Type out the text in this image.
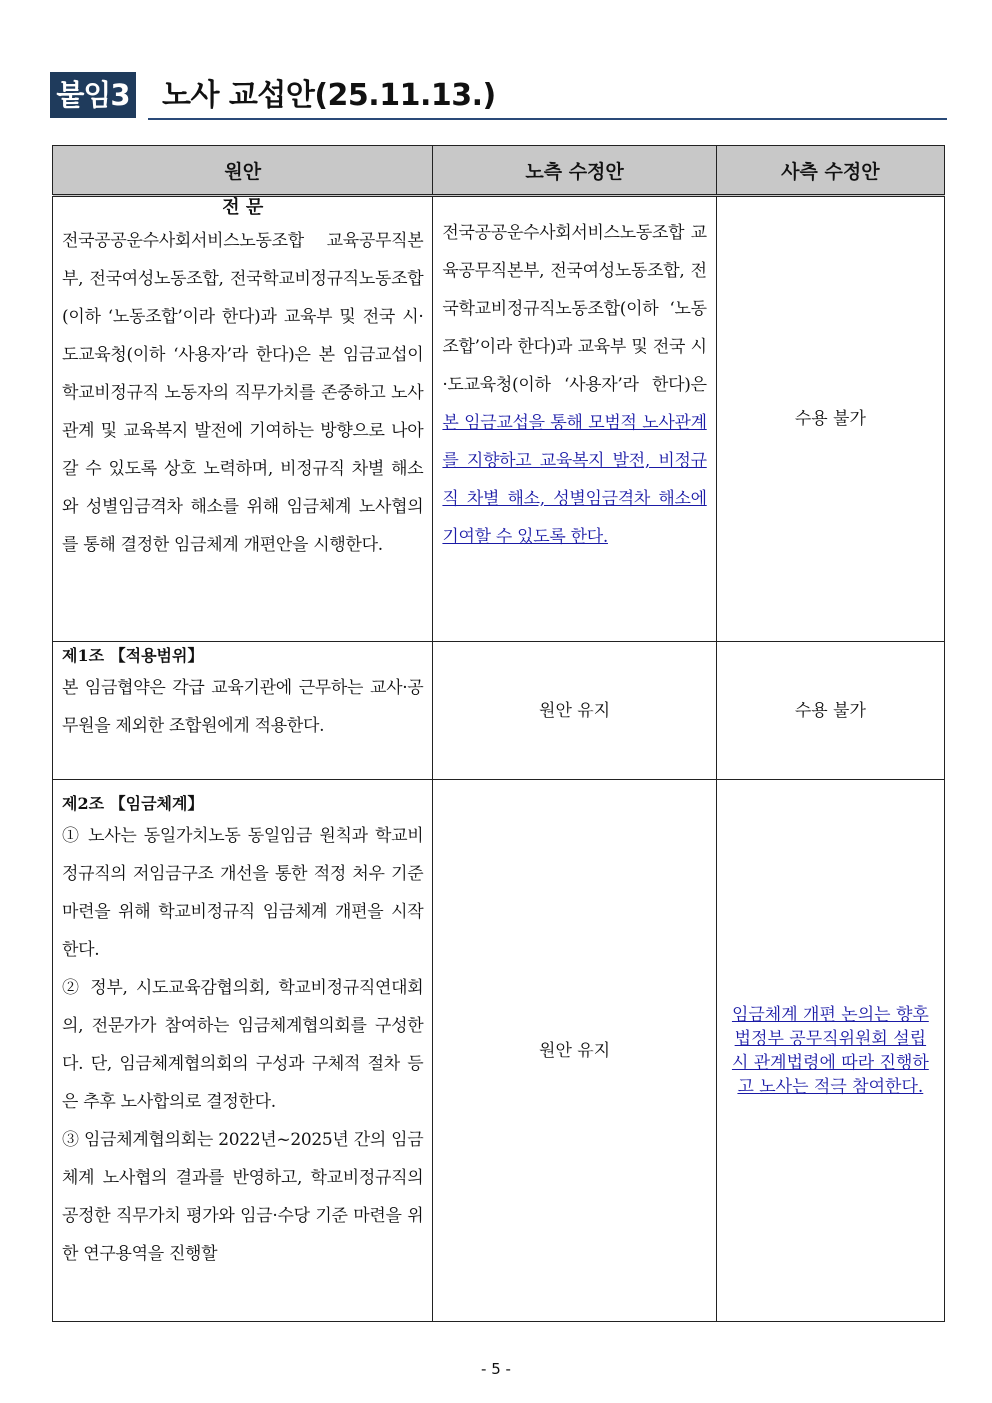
붙임3 노사 교섭안(25.11.13.)
원안	노측 수정안	사측 수정안

전 문
전국공공운수사회서비스노동조합 교육공무직본부, 전국여성노동조합, 전국학교비정규직노동조합(이하 ‘노동조합’이라 한다)과 교육부 및 전국 시·도교육청(이하 ‘사용자’라 한다)은 본 임금교섭이 학교비정규직 노동자의 직무가치를 존중하고 노사관계 및 교육복지 발전에 기여하는 방향으로 나아갈 수 있도록 상호 노력하며, 비정규직 차별 해소와 성별임금격차 해소를 위해 임금체계 노사협의를 통해 결정한 임금체계 개편안을 시행한다.	전국공공운수사회서비스노동조합 교육공무직본부, 전국여성노동조합, 전국학교비정규직노동조합(이하 ‘노동조합’이라 한다)과 교육부 및 전국 시·도교육청(이하 ‘사용자’라 한다)은 본 임금교섭을 통해 모범적 노사관계를 지향하고 교육복지 발전, 비정규직 차별 해소, 성별임금격차 해소에 기여할 수 있도록 한다.	수용 불가

제1조 【적용범위】
본 임금협약은 각급 교육기관에 근무하는 교사·공무원을 제외한 조합원에게 적용한다.	원안 유지	수용 불가

제2조 【임금체계】

① 노사는 동일가치노동 동일임금 원칙과 학교비정규직의 저임금구조 개선을 통한 적정 처우 기준 마련을 위해 학교비정규직 임금체계 개편을 시작한다.

② 정부, 시도교육감협의회, 학교비정규직연대회의, 전문가가 참여하는 임금체계협의회를 구성한다. 단, 임금체계협의회의 구성과 구체적 절차 등은 추후 노사합의로 결정한다.

③ 임금체계협의회는 2022년~2025년 간의 임금체계 노사협의 결과를 반영하고, 학교비정규직의 공정한 직무가치 평가와 임금·수당 기준 마련을 위한 연구용역을 진행할	원안 유지	임금체계 개편 논의는 향후 법정부 공무직위원회 설립 시 관계법령에 따라 진행하고 노사는 적극 참여한다.
- 5 -
